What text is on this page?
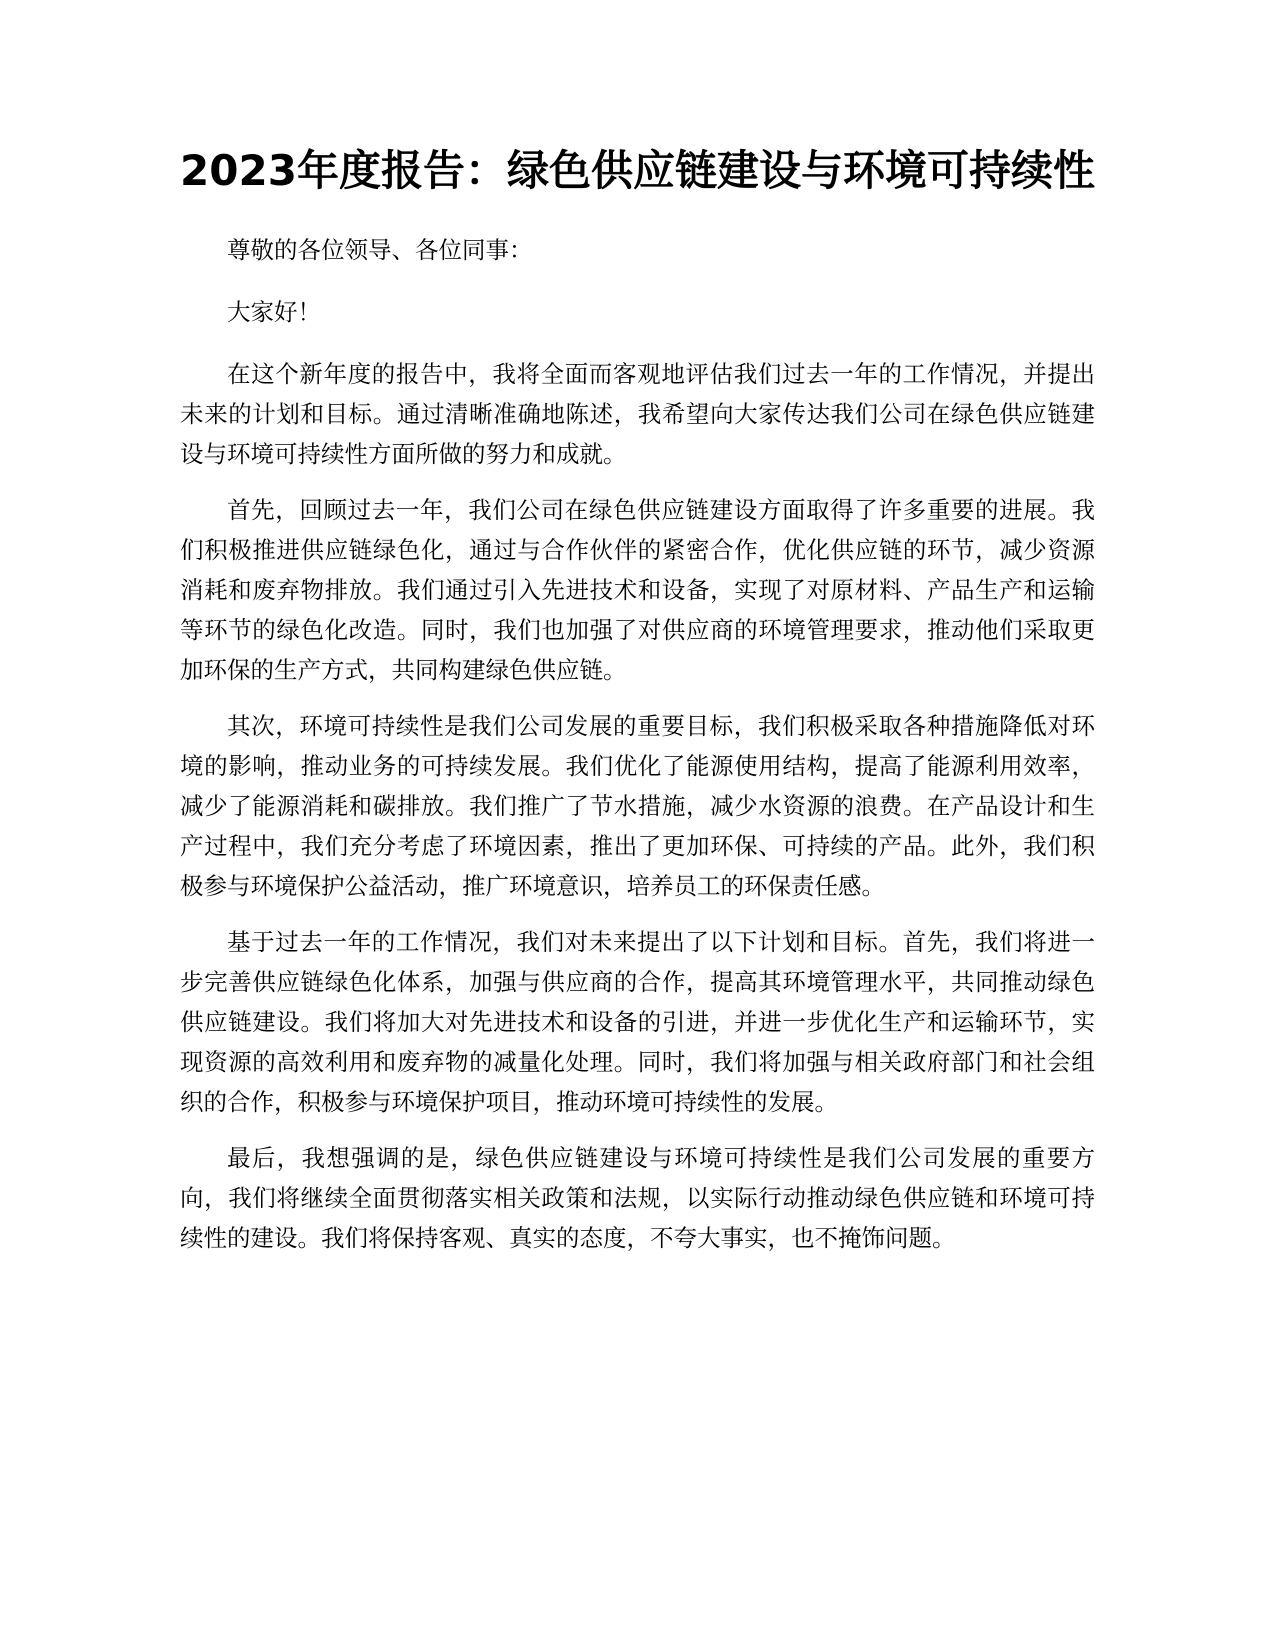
2023年度报告：绿色供应链建设与环境可持续性

尊敬的各位领导、各位同事：

大家好！

在这个新年度的报告中，我将全面而客观地评估我们过去一年的工作情况，并提出未来的计划和目标。通过清晰准确地陈述，我希望向大家传达我们公司在绿色供应链建设与环境可持续性方面所做的努力和成就。

首先，回顾过去一年，我们公司在绿色供应链建设方面取得了许多重要的进展。我们积极推进供应链绿色化，通过与合作伙伴的紧密合作，优化供应链的环节，减少资源消耗和废弃物排放。我们通过引入先进技术和设备，实现了对原材料、产品生产和运输等环节的绿色化改造。同时，我们也加强了对供应商的环境管理要求，推动他们采取更加环保的生产方式，共同构建绿色供应链。

其次，环境可持续性是我们公司发展的重要目标，我们积极采取各种措施降低对环境的影响，推动业务的可持续发展。我们优化了能源使用结构，提高了能源利用效率，减少了能源消耗和碳排放。我们推广了节水措施，减少水资源的浪费。在产品设计和生产过程中，我们充分考虑了环境因素，推出了更加环保、可持续的产品。此外，我们积极参与环境保护公益活动，推广环境意识，培养员工的环保责任感。

基于过去一年的工作情况，我们对未来提出了以下计划和目标。首先，我们将进一步完善供应链绿色化体系，加强与供应商的合作，提高其环境管理水平，共同推动绿色供应链建设。我们将加大对先进技术和设备的引进，并进一步优化生产和运输环节，实现资源的高效利用和废弃物的减量化处理。同时，我们将加强与相关政府部门和社会组织的合作，积极参与环境保护项目，推动环境可持续性的发展。

最后，我想强调的是，绿色供应链建设与环境可持续性是我们公司发展的重要方向，我们将继续全面贯彻落实相关政策和法规，以实际行动推动绿色供应链和环境可持续性的建设。我们将保持客观、真实的态度，不夸大事实，也不掩饰问题。
